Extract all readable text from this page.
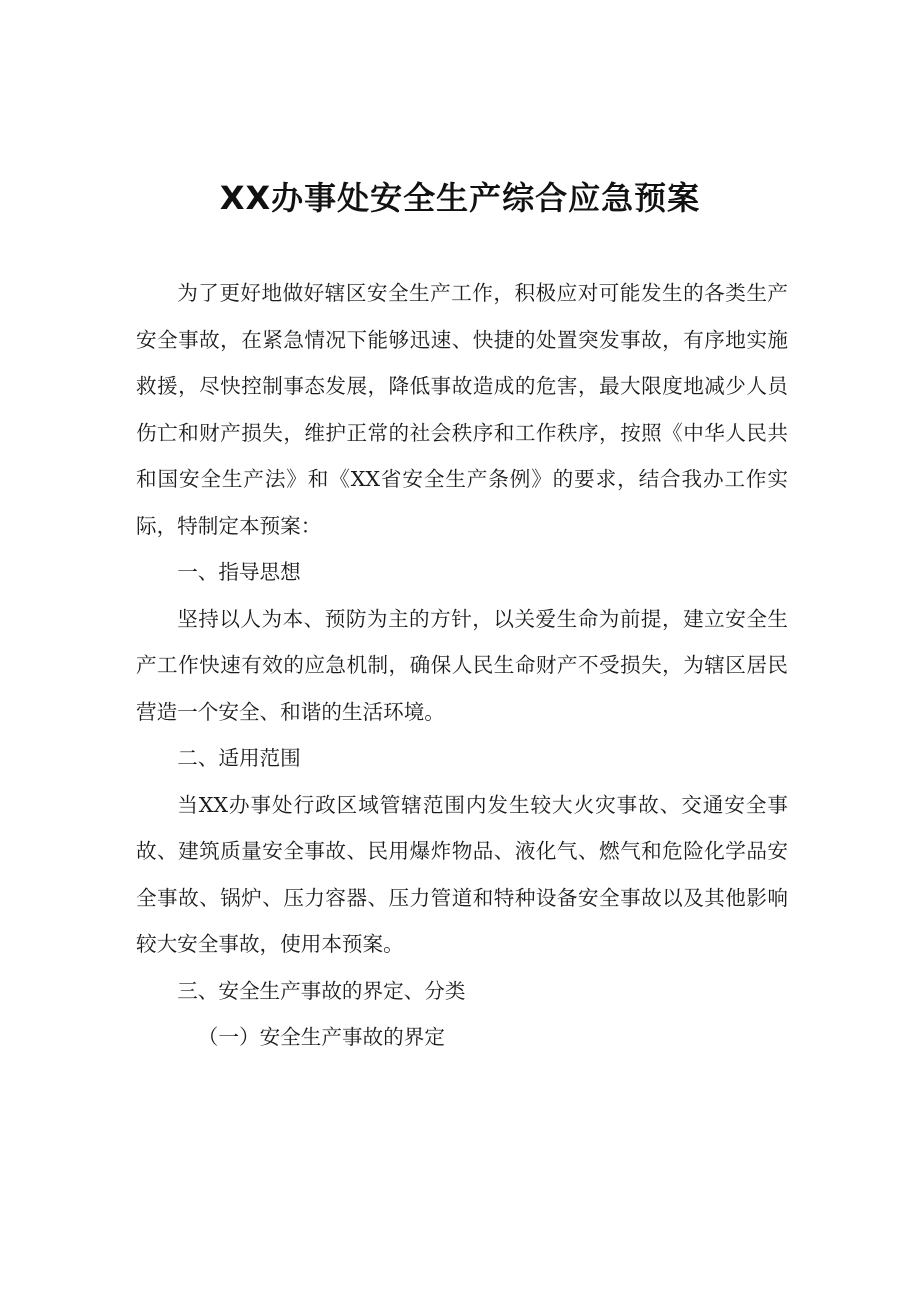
XX办事处安全生产综合应急预案

为了更好地做好辖区安全生产工作，积极应对可能发生的各类生产安全事故，在紧急情况下能够迅速、快捷的处置突发事故，有序地实施救援，尽快控制事态发展，降低事故造成的危害，最大限度地减少人员伤亡和财产损失，维护正常的社会秩序和工作秩序，按照《中华人民共和国安全生产法》和《XX省安全生产条例》的要求，结合我办工作实际，特制定本预案：

一、指导思想

坚持以人为本、预防为主的方针，以关爱生命为前提，建立安全生产工作快速有效的应急机制，确保人民生命财产不受损失，为辖区居民营造一个安全、和谐的生活环境。

二、适用范围

当XX办事处行政区域管辖范围内发生较大火灾事故、交通安全事故、建筑质量安全事故、民用爆炸物品、液化气、燃气和危险化学品安全事故、锅炉、压力容器、压力管道和特种设备安全事故以及其他影响较大安全事故，使用本预案。

三、安全生产事故的界定、分类

（一）安全生产事故的界定
